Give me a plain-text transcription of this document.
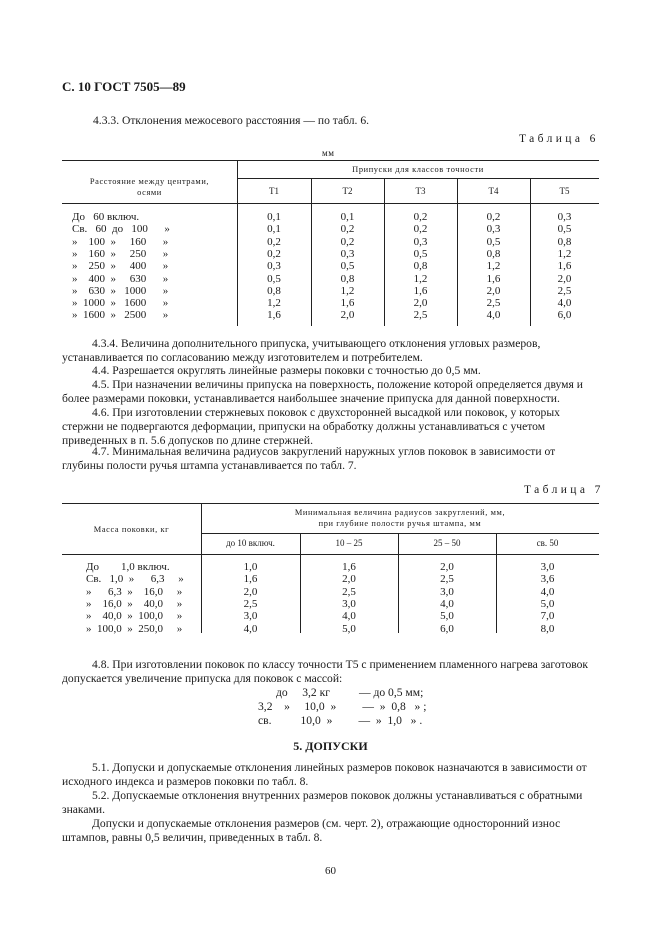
С. 10 ГОСТ 7505—89
4.3.3. Отклонения межосевого расстояния — по табл. 6.
Таблица 6
мм
Расстояние между центрами,
осями
Припуски для классов точности
Т1	Т2	Т3	Т4	Т5
До   60 включ.	0,1	0,1	0,2	0,2	0,3
Св.   60  до   100      »	0,1	0,2	0,2	0,3	0,5
»    100  »     160      »	0,2	0,2	0,3	0,5	0,8
»    160  »     250      »	0,2	0,3	0,5	0,8	1,2
»    250  »     400      »	0,3	0,5	0,8	1,2	1,6
»    400  »     630      »	0,5	0,8	1,2	1,6	2,0
»    630  »   1000      »	0,8	1,2	1,6	2,0	2,5
»  1000  »   1600      »	1,2	1,6	2,0	2,5	4,0
»  1600  »   2500      »	1,6	2,0	2,5	4,0	6,0
4.3.4. Величина дополнительного припуска, учитывающего отклонения угловых размеров, устанавливается по согласованию между изготовителем и потребителем.
4.4. Разрешается округлять линейные размеры поковки с точностью до 0,5 мм.
4.5. При назначении величины припуска на поверхность, положение которой определяется двумя и более размерами поковки, устанавливается наибольшее значение припуска для данной поверхности.
4.6. При изготовлении стержневых поковок с двухсторонней высадкой или поковок, у которых стержни не подвергаются деформации, припуски на обработку должны устанавливаться с учетом приведенных в п. 5.6 допусков по длине стержней.
4.7. Минимальная величина радиусов закруглений наружных углов поковок в зависимости от глубины полости ручья штампа устанавливается по табл. 7.
Таблица 7
Масса поковки, кг
Минимальная величина радиусов закруглений, мм,
при глубине полости ручья штампа, мм
до 10 включ.	10 – 25	25 – 50	св. 50
До        1,0 включ.	1,0	1,6	2,0	3,0
Св.   1,0  »      6,3     »	1,6	2,0	2,5	3,6
»      6,3  »    16,0     »	2,0	2,5	3,0	4,0
»    16,0  »    40,0     »	2,5	3,0	4,0	5,0
»    40,0  »  100,0     »	3,0	4,0	5,0	7,0
»  100,0  »  250,0     »	4,0	5,0	6,0	8,0
4.8. При изготовлении поковок по классу точности Т5 с применением пламенного нагрева заготовок допускается увеличение припуска для поковок с массой:
до     3,2 кг          — до 0,5 мм;
3,2    »     10,0  »         —  »  0,8   » ;
св.          10,0  »         —  »  1,0   » .
5. ДОПУСКИ
5.1. Допуски и допускаемые отклонения линейных размеров поковок назначаются в зависимости от исходного индекса и размеров поковки по табл. 8.
5.2. Допускаемые отклонения внутренних размеров поковок должны устанавливаться с обратными знаками.
Допуски и допускаемые отклонения размеров (см. черт. 2), отражающие односторонний износ штампов, равны 0,5 величин, приведенных в табл. 8.
60
